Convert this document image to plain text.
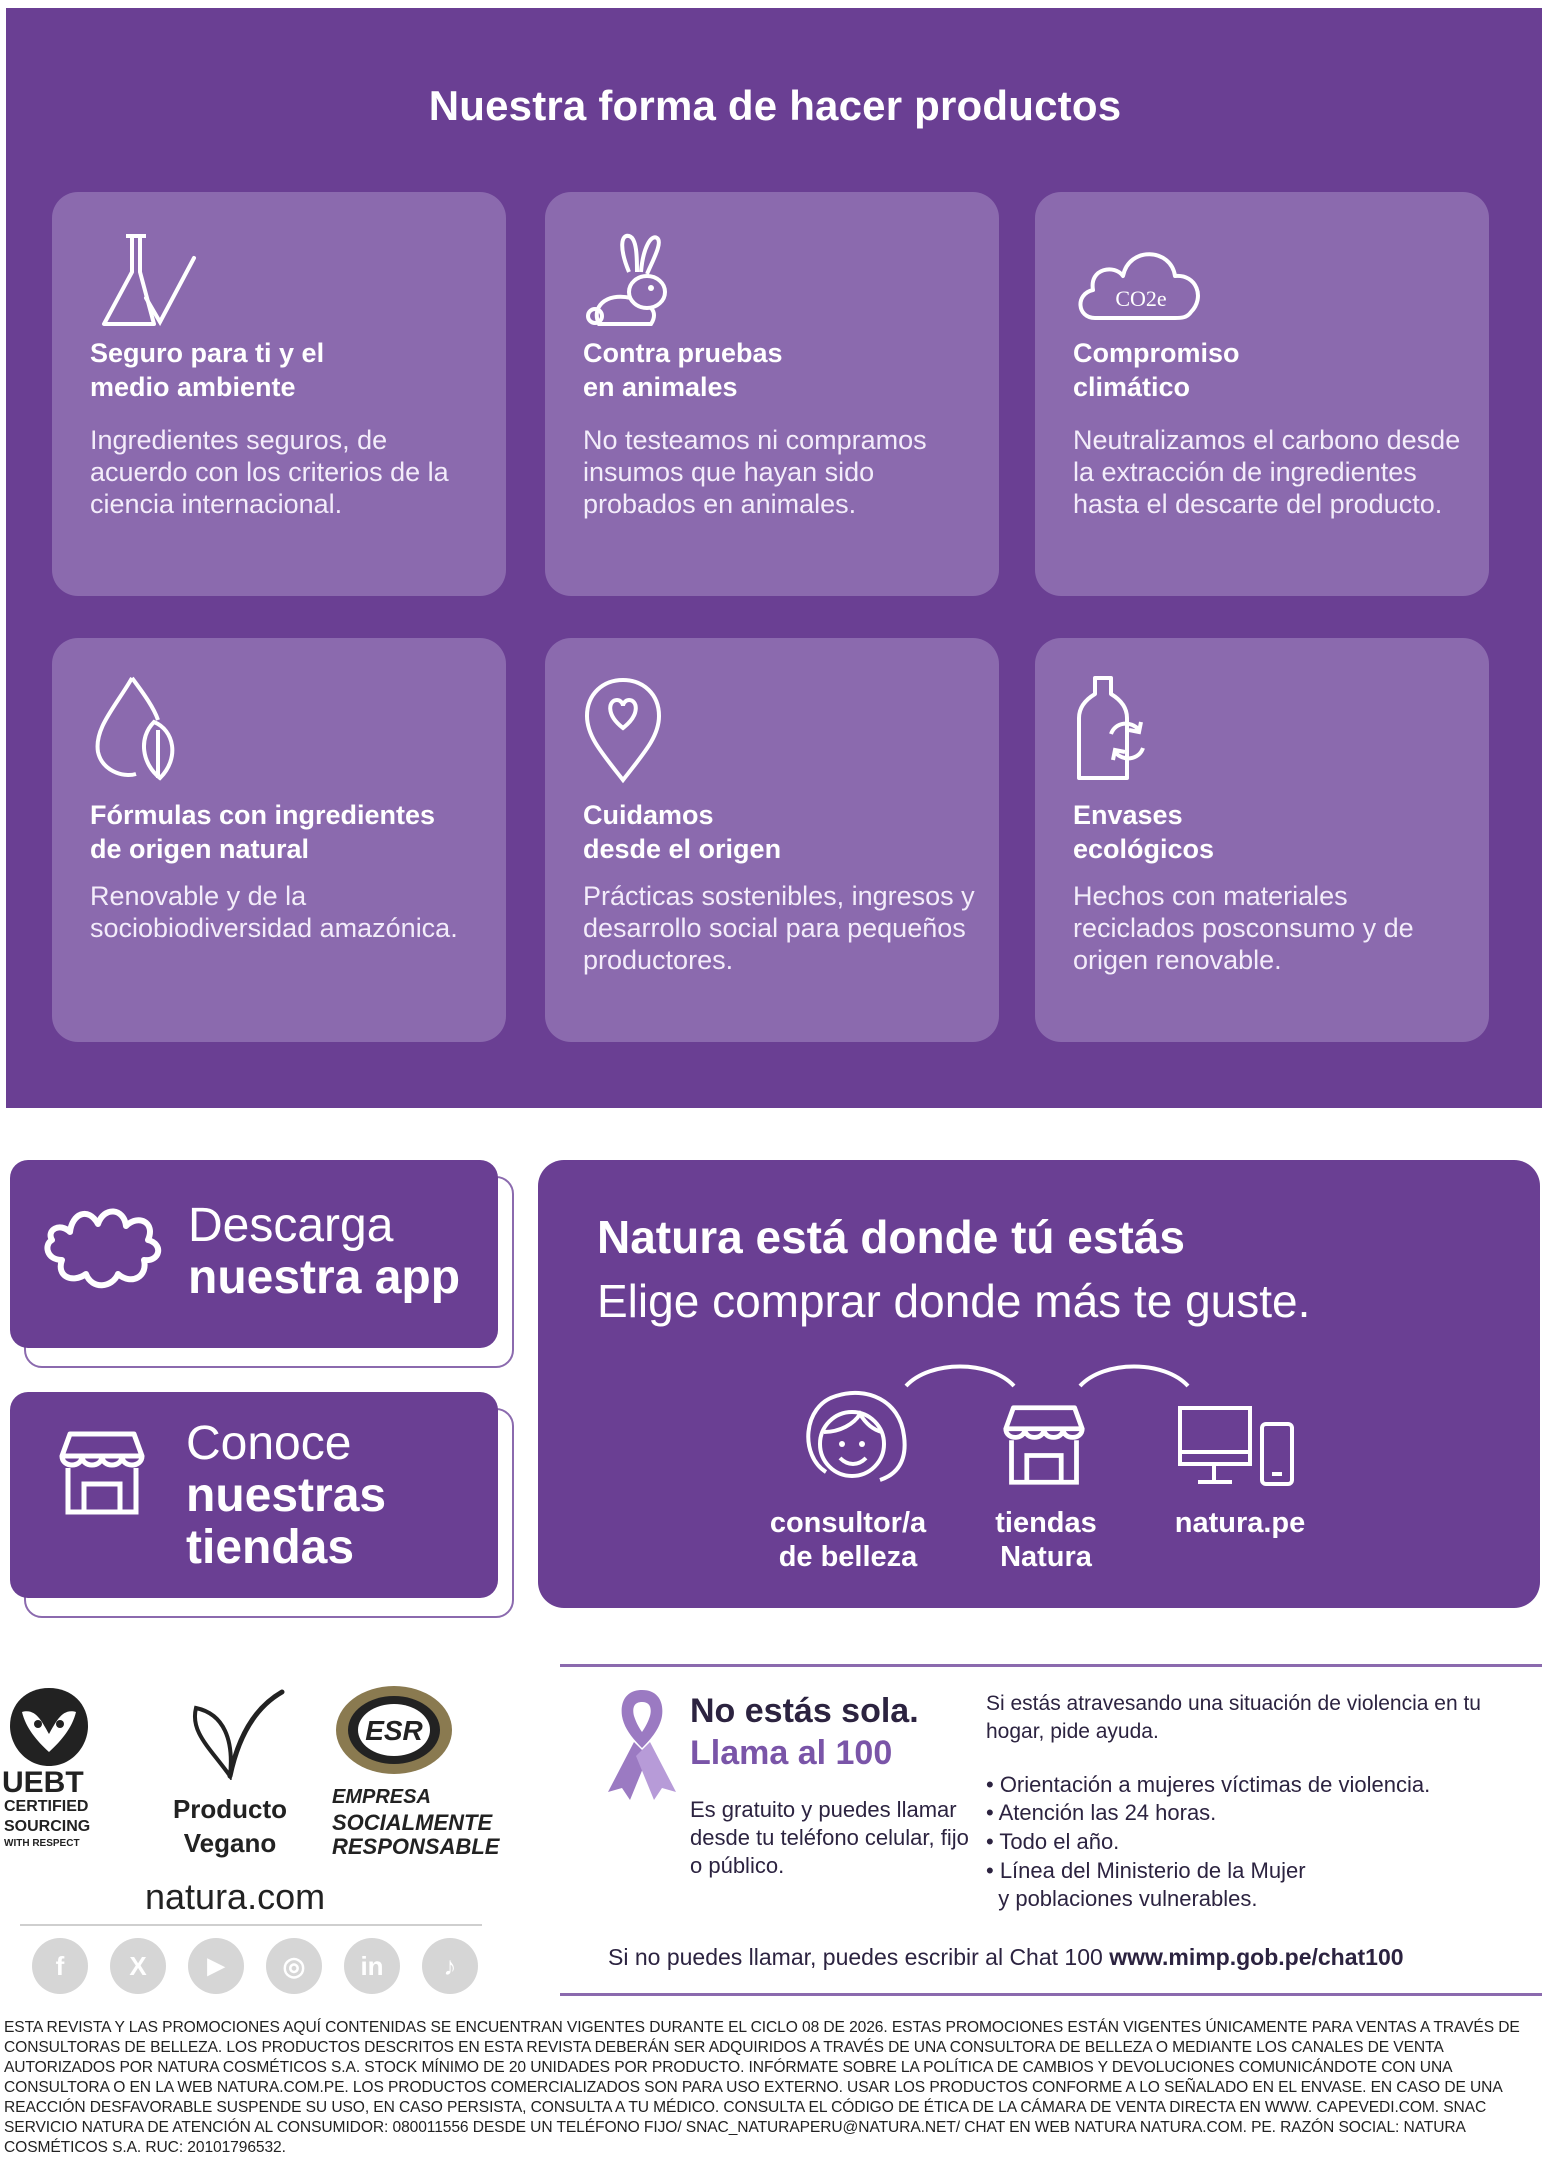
Nuestra forma de hacer productos
Seguro para ti y el
medio ambiente
Ingredientes seguros, de acuerdo con los criterios de la ciencia internacional.
Contra pruebas
en animales
No testeamos ni compramos insumos que hayan sido probados en animales.
CO2e
Compromiso
climático
Neutralizamos el carbono desde la extracción de ingredientes hasta el descarte del producto.
Fórmulas con ingredientes
de origen natural
Renovable y de la sociobiodiversidad amazónica.
Cuidamos
desde el origen
Prácticas sostenibles, ingresos y desarrollo social para pequeños productores.
Envases
ecológicos
Hechos con materiales reciclados posconsumo y de origen renovable.
Descarga
nuestra app
Conoce
nuestras
tiendas
Natura está donde tú estás
Elige comprar donde más te guste.
consultor/a
de belleza
tiendas
Natura
natura.pe
UEBT
CERTIFIED
SOURCING
WITH RESPECT
Producto
Vegano
ESR
EMPRESA
SOCIALMENTE
RESPONSABLE
natura.com
f	X	▶	◎	in	♪
No estás sola.
Llama al 100
Es gratuito y puedes llamar desde tu teléfono celular, fijo o público.
Si estás atravesando una situación de violencia en tu hogar, pide ayuda.
• Orientación a mujeres víctimas de violencia.
• Atención las 24 horas.
• Todo el año.
• Línea del Ministerio de la Mujer
y poblaciones vulnerables.
Si no puedes llamar, puedes escribir al Chat 100 www.mimp.gob.pe/chat100
ESTA REVISTA Y LAS PROMOCIONES AQUÍ CONTENIDAS SE ENCUENTRAN VIGENTES DURANTE EL CICLO 08 DE 2026. ESTAS PROMOCIONES ESTÁN VIGENTES ÚNICAMENTE PARA VENTAS A TRAVÉS DE CONSULTORAS DE BELLEZA. LOS PRODUCTOS DESCRITOS EN ESTA REVISTA DEBERÁN SER ADQUIRIDOS A TRAVÉS DE UNA CONSULTORA DE BELLEZA O MEDIANTE LOS CANALES DE VENTA AUTORIZADOS POR NATURA COSMÉTICOS S.A. STOCK MÍNIMO DE 20 UNIDADES POR PRODUCTO. INFÓRMATE SOBRE LA POLÍTICA DE CAMBIOS Y DEVOLUCIONES COMUNICÁNDOTE CON UNA CONSULTORA O EN LA WEB NATURA.COM.PE. LOS PRODUCTOS COMERCIALIZADOS SON PARA USO EXTERNO. USAR LOS PRODUCTOS CONFORME A LO SEÑALADO EN EL ENVASE. EN CASO DE UNA REACCIÓN DESFAVORABLE SUSPENDE SU USO, EN CASO PERSISTA, CONSULTA A TU MÉDICO. CONSULTA EL CÓDIGO DE ÉTICA DE LA CÁMARA DE VENTA DIRECTA EN WWW. CAPEVEDI.COM. SNAC SERVICIO NATURA DE ATENCIÓN AL CONSUMIDOR: 080011556 DESDE UN TELÉFONO FIJO/ SNAC_NATURAPERU@NATURA.NET/ CHAT EN WEB NATURA NATURA.COM. PE. RAZÓN SOCIAL: NATURA COSMÉTICOS S.A. RUC: 20101796532.
